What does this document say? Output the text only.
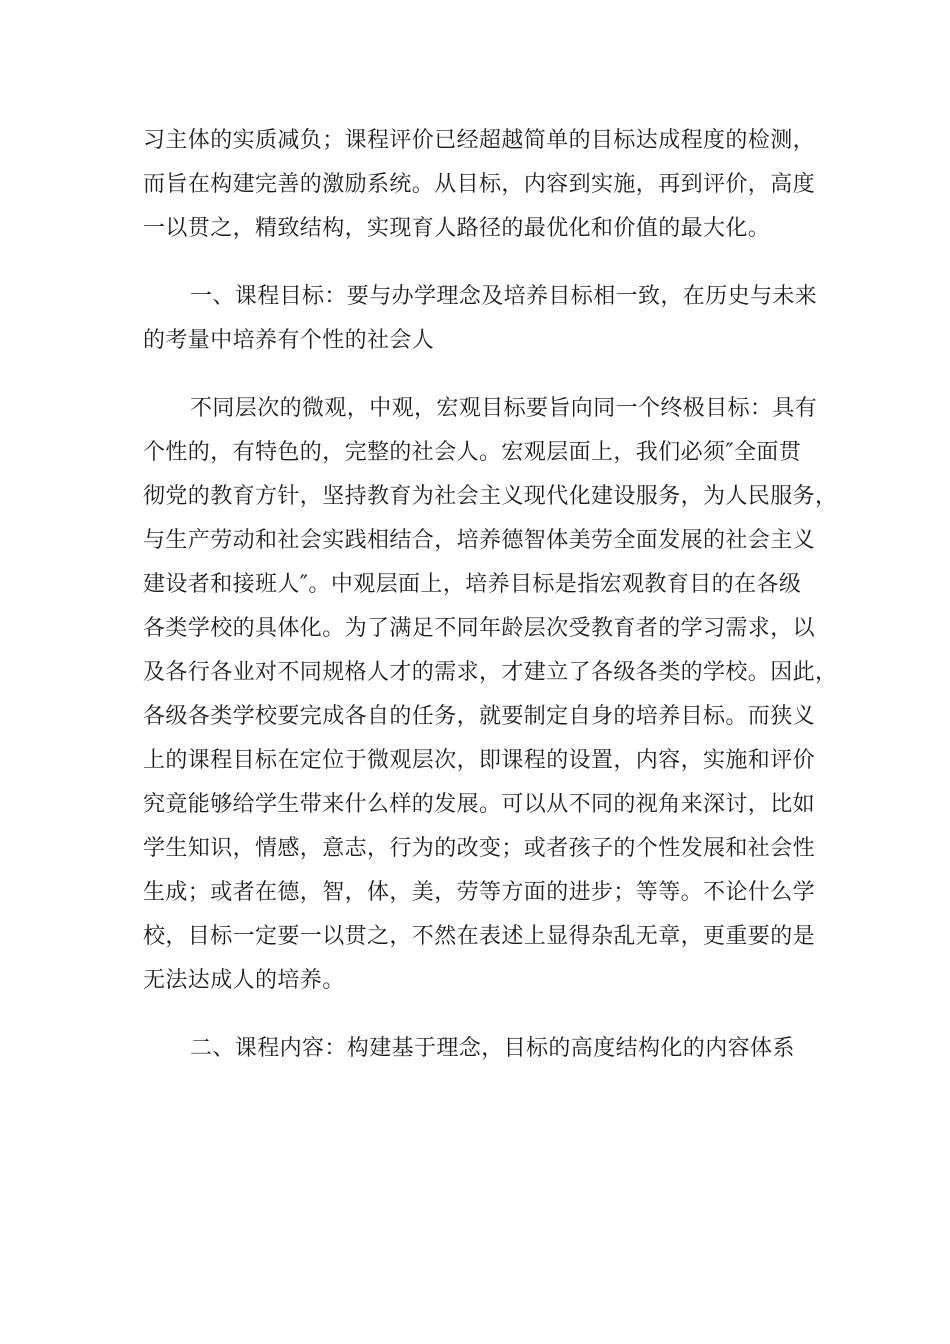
习主体的实质减负；课程评价已经超越简单的目标达成程度的检测，
而旨在构建完善的激励系统。从目标，内容到实施，再到评价，高度
一以贯之，精致结构，实现育人路径的最优化和价值的最大化。
一、课程目标：要与办学理念及培养目标相一致，在历史与未来
的考量中培养有个性的社会人
不同层次的微观，中观，宏观目标要旨向同一个终极目标：具有
个性的，有特色的，完整的社会人。宏观层面上，我们必须″全面贯
彻党的教育方针，坚持教育为社会主义现代化建设服务，为人民服务，
与生产劳动和社会实践相结合，培养德智体美劳全面发展的社会主义
建设者和接班人″。中观层面上，培养目标是指宏观教育目的在各级
各类学校的具体化。为了满足不同年龄层次受教育者的学习需求，以
及各行各业对不同规格人才的需求，才建立了各级各类的学校。因此，
各级各类学校要完成各自的任务，就要制定自身的培养目标。而狭义
上的课程目标在定位于微观层次，即课程的设置，内容，实施和评价
究竟能够给学生带来什么样的发展。可以从不同的视角来深讨，比如
学生知识，情感，意志，行为的改变；或者孩子的个性发展和社会性
生成；或者在德，智，体，美，劳等方面的进步；等等。不论什么学
校，目标一定要一以贯之，不然在表述上显得杂乱无章，更重要的是
无法达成人的培养。
二、课程内容：构建基于理念，目标的高度结构化的内容体系
